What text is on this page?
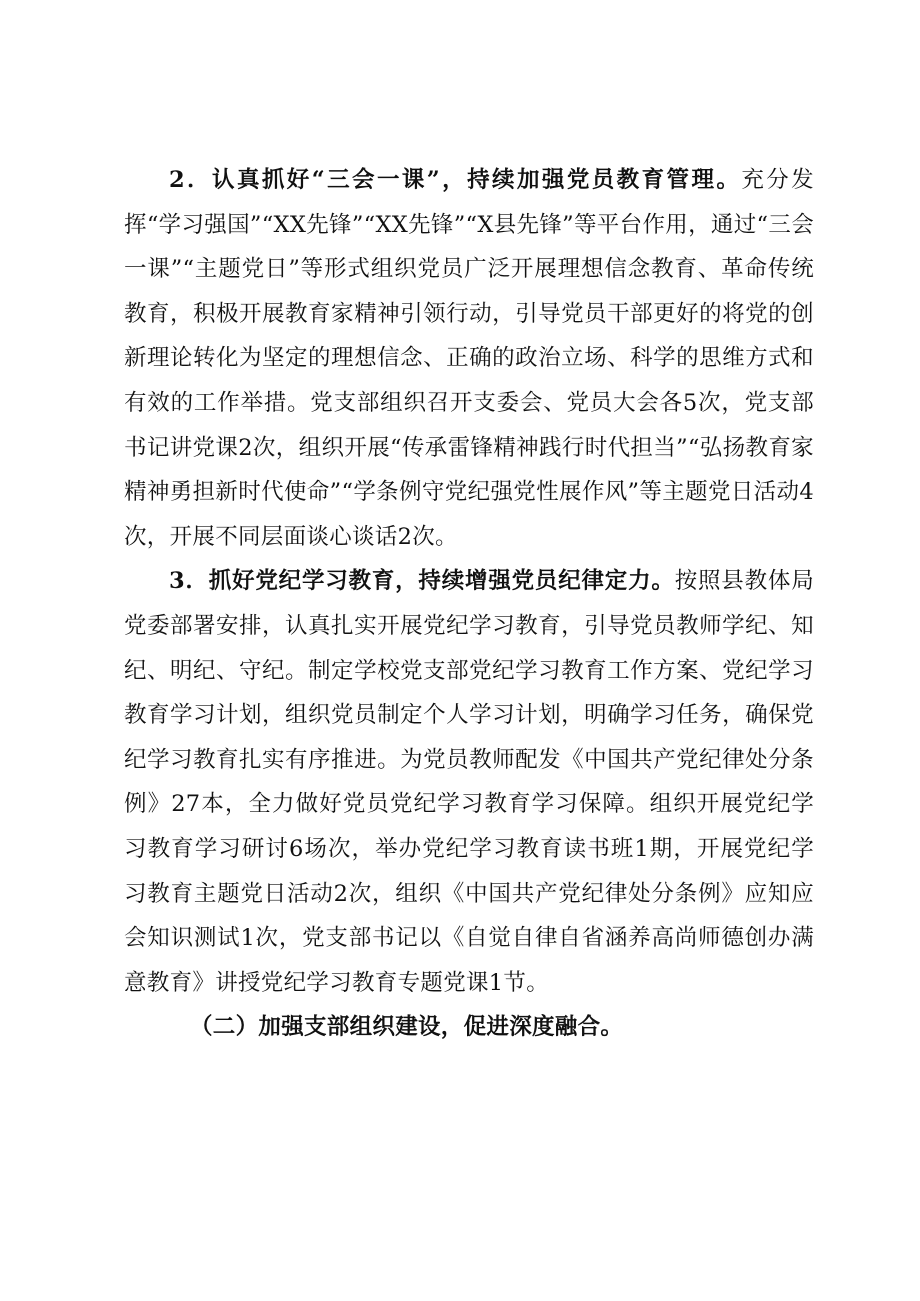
2．认真抓好“三会一课”，持续加强党员教育管理。充分发挥“学习强国”“XX先锋”“XX先锋”“X县先锋”等平台作用，通过“三会一课”“主题党日”等形式组织党员广泛开展理想信念教育、革命传统教育，积极开展教育家精神引领行动，引导党员干部更好的将党的创新理论转化为坚定的理想信念、正确的政治立场、科学的思维方式和有效的工作举措。党支部组织召开支委会、党员大会各5次，党支部书记讲党课2次，组织开展“传承雷锋精神践行时代担当”“弘扬教育家精神勇担新时代使命”“学条例守党纪强党性展作风”等主题党日活动4次，开展不同层面谈心谈话2次。

3．抓好党纪学习教育，持续增强党员纪律定力。按照县教体局党委部署安排，认真扎实开展党纪学习教育，引导党员教师学纪、知纪、明纪、守纪。制定学校党支部党纪学习教育工作方案、党纪学习教育学习计划，组织党员制定个人学习计划，明确学习任务，确保党纪学习教育扎实有序推进。为党员教师配发《中国共产党纪律处分条例》27本，全力做好党员党纪学习教育学习保障。组织开展党纪学习教育学习研讨6场次，举办党纪学习教育读书班1期，开展党纪学习教育主题党日活动2次，组织《中国共产党纪律处分条例》应知应会知识测试1次，党支部书记以《自觉自律自省涵养高尚师德创办满意教育》讲授党纪学习教育专题党课1节。

（二）加强支部组织建设，促进深度融合。
